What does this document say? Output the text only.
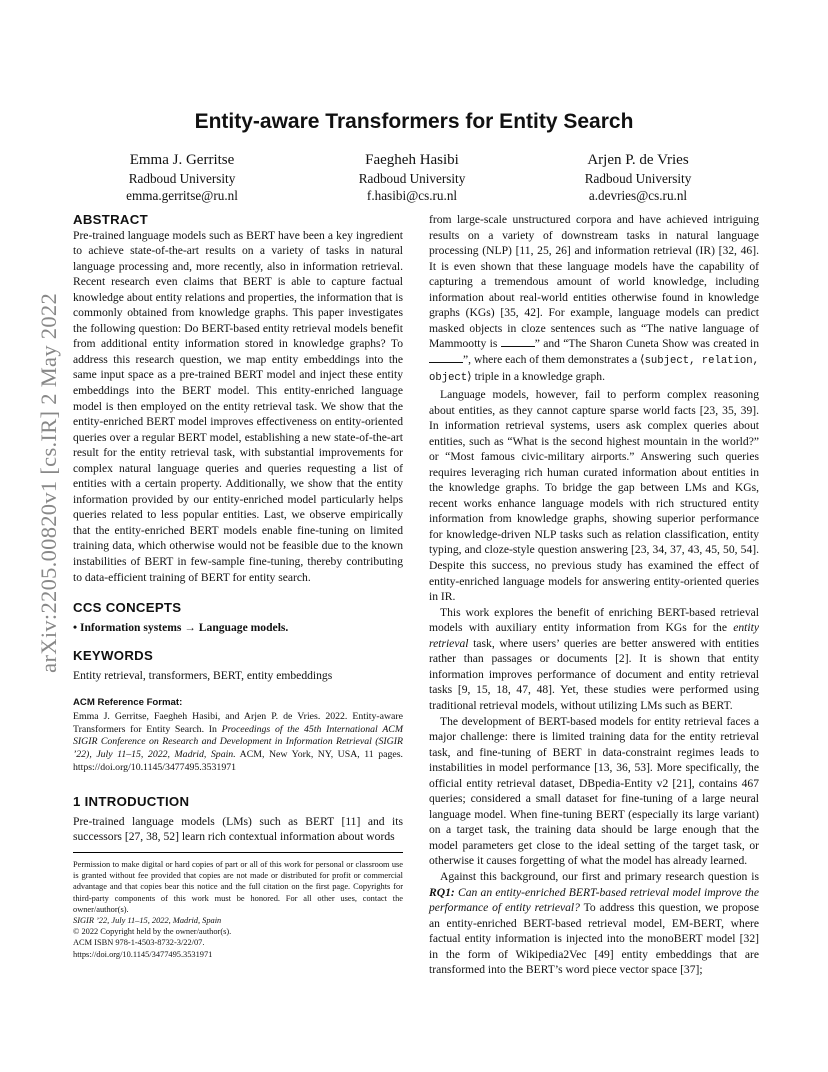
arXiv:2205.00820v1 [cs.IR] 2 May 2022
Entity-aware Transformers for Entity Search
Emma J. Gerritse
Radboud University
emma.gerritse@ru.nl
Faegheh Hasibi
Radboud University
f.hasibi@cs.ru.nl
Arjen P. de Vries
Radboud University
a.devries@cs.ru.nl
ABSTRACT

Pre-trained language models such as BERT have been a key ingredient to achieve state-of-the-art results on a variety of tasks in natural language processing and, more recently, also in information retrieval. Recent research even claims that BERT is able to capture factual knowledge about entity relations and properties, the information that is commonly obtained from knowledge graphs. This paper investigates the following question: Do BERT-based entity retrieval models benefit from additional entity information stored in knowledge graphs? To address this research question, we map entity embeddings into the same input space as a pre-trained BERT model and inject these entity embeddings into the BERT model. This entity-enriched language model is then employed on the entity retrieval task. We show that the entity-enriched BERT model improves effectiveness on entity-oriented queries over a regular BERT model, establishing a new state-of-the-art result for the entity retrieval task, with substantial improvements for complex natural language queries and queries requesting a list of entities with a certain property. Additionally, we show that the entity information provided by our entity-enriched model particularly helps queries related to less popular entities. Last, we observe empirically that the entity-enriched BERT models enable fine-tuning on limited training data, which otherwise would not be feasible due to the known instabilities of BERT in few-sample fine-tuning, thereby contributing to data-efficient training of BERT for entity search.

CCS CONCEPTS

• Information systems → Language models.

KEYWORDS

Entity retrieval, transformers, BERT, entity embeddings

ACM Reference Format:

Emma J. Gerritse, Faegheh Hasibi, and Arjen P. de Vries. 2022. Entity-aware Transformers for Entity Search. In Proceedings of the 45th International ACM SIGIR Conference on Research and Development in Information Retrieval (SIGIR ’22), July 11–15, 2022, Madrid, Spain. ACM, New York, NY, USA, 11 pages. https://doi.org/10.1145/3477495.3531971

1 INTRODUCTION

Pre-trained language models (LMs) such as BERT [11] and its successors [27, 38, 52] learn rich contextual information about words

Permission to make digital or hard copies of part or all of this work for personal or classroom use is granted without fee provided that copies are not made or distributed for profit or commercial advantage and that copies bear this notice and the full citation on the first page. Copyrights for third-party components of this work must be honored. For all other uses, contact the owner/author(s).

SIGIR ’22, July 11–15, 2022, Madrid, Spain

© 2022 Copyright held by the owner/author(s).

ACM ISBN 978-1-4503-8732-3/22/07.

https://doi.org/10.1145/3477495.3531971

from large-scale unstructured corpora and have achieved intriguing results on a variety of downstream tasks in natural language processing (NLP) [11, 25, 26] and information retrieval (IR) [32, 46]. It is even shown that these language models have the capability of capturing a tremendous amount of world knowledge, including information about real-world entities otherwise found in knowledge graphs (KGs) [35, 42]. For example, language models can predict masked objects in cloze sentences such as “The native language of Mammootty is	” and “The Sharon Cuneta Show was created in ”, where each of them demonstrates a ⟨subject, relation, object⟩ triple in a knowledge graph.

Language models, however, fail to perform complex reasoning about entities, as they cannot capture sparse world facts [23, 35, 39]. In information retrieval systems, users ask complex queries about entities, such as “What is the second highest mountain in the world?” or “Most famous civic-military airports.” Answering such queries requires leveraging rich human curated information about entities in the knowledge graphs. To bridge the gap between LMs and KGs, recent works enhance language models with rich structured entity information from knowledge graphs, showing superior performance for knowledge-driven NLP tasks such as relation classification, entity typing, and cloze-style question answering [23, 34, 37, 43, 45, 50, 54]. Despite this success, no previous study has examined the effect of entity-enriched language models for answering entity-oriented queries in IR.

This work explores the benefit of enriching BERT-based retrieval models with auxiliary entity information from KGs for the entity retrieval task, where users’ queries are better answered with entities rather than passages or documents [2]. It is shown that entity information improves performance of document and entity retrieval tasks [9, 15, 18, 47, 48]. Yet, these studies were performed using traditional retrieval models, without utilizing LMs such as BERT.

The development of BERT-based models for entity retrieval faces a major challenge: there is limited training data for the entity retrieval task, and fine-tuning of BERT in data-constraint regimes leads to instabilities in model performance [13, 36, 53]. More specifically, the official entity retrieval dataset, DBpedia-Entity v2 [21], contains 467 queries; considered a small dataset for fine-tuning of a large neural language model. When fine-tuning BERT (especially its large variant) on a target task, the training data should be large enough that the model parameters get close to the ideal setting of the target task, or otherwise it causes forgetting of what the model has already learned.

Against this background, our first and primary research question is RQ1: Can an entity-enriched BERT-based retrieval model improve the performance of entity retrieval? To address this question, we propose an entity-enriched BERT-based retrieval model, EM-BERT, where factual entity information is injected into the monoBERT model [32] in the form of Wikipedia2Vec [49] entity embeddings that are transformed into the BERT’s word piece vector space [37];
